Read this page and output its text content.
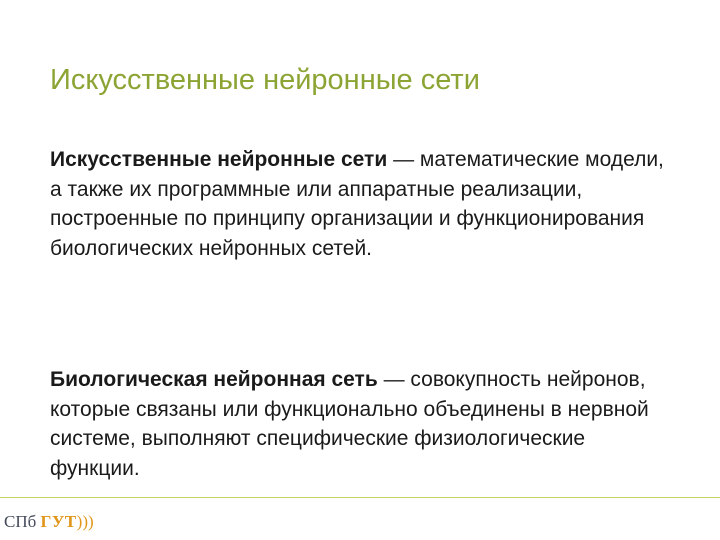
Искусственные нейронные сети

Искусственные нейронные сети — математические модели, а также их программные или аппаратные реализации, построенные по принципу организации и функционирования биологических нейронных сетей.

Биологическая нейронная сеть — совокупность нейронов, которые связаны или функционально объединены в нервной системе, выполняют специфические физиологические функции.

СПб ГУТ)))
